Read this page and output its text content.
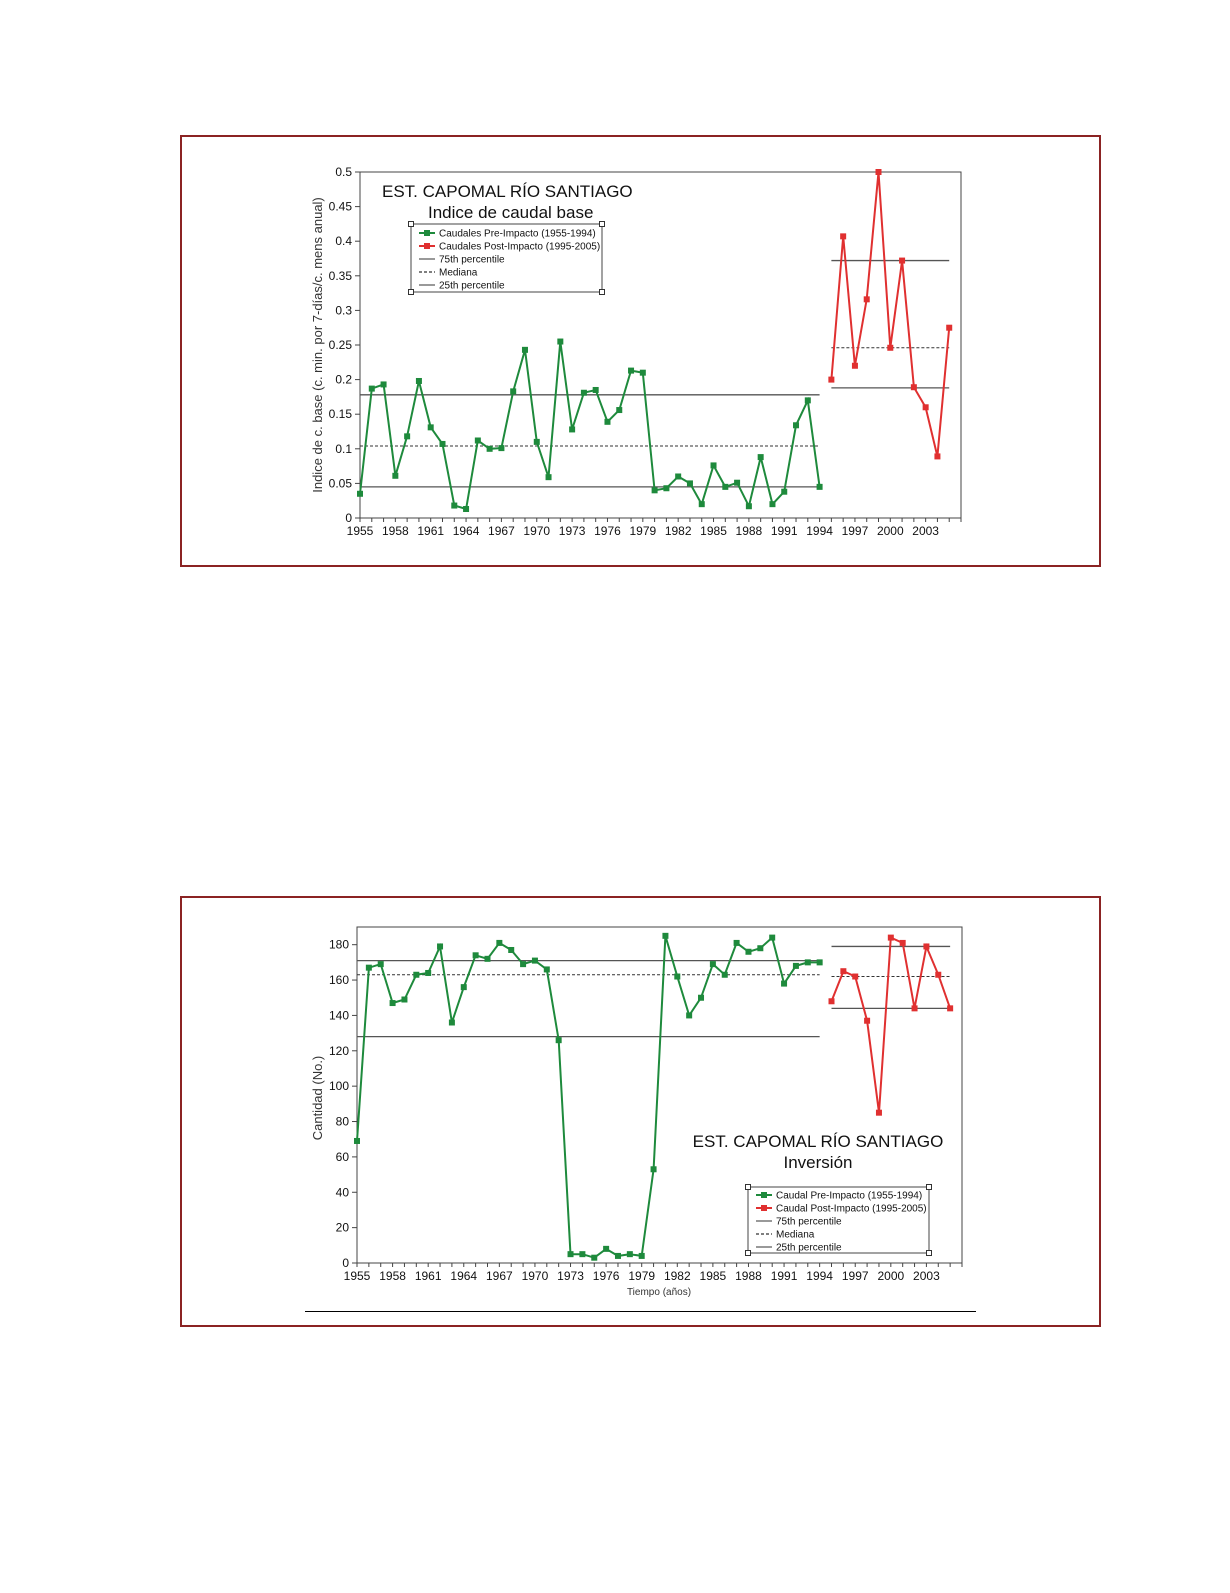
0
0.05
0.1
0.15
0.2
0.25
0.3
0.35
0.4
0.45
0.5
1955 1958 1961 1964 1967 1970 1973 1976 1979 1982 1985 1988 1991 1994 1997 2000 2003
EST. CAPOMAL RÍO SANTIAGO
Indice de caudal base
Indice de c. base (c. min. por 7-días/c. mens anual)	Caudales Pre-Impacto (1955-1994)
Caudales Post-Impacto (1995-2005)
75th percentile
Mediana
25th percentile
0
20
40
60
80
100
120
140
160
180
1955 1958 1961 1964 1967 1970 1973 1976 1979 1982 1985 1988 1991 1994 1997 2000 2003
EST. CAPOMAL RÍO SANTIAGO
Inversión
Cantidad (No.)
Tiempo (años)
Caudal Pre-Impacto (1955-1994)
Caudal Post-Impacto (1995-2005)
75th percentile
Mediana
25th percentile
